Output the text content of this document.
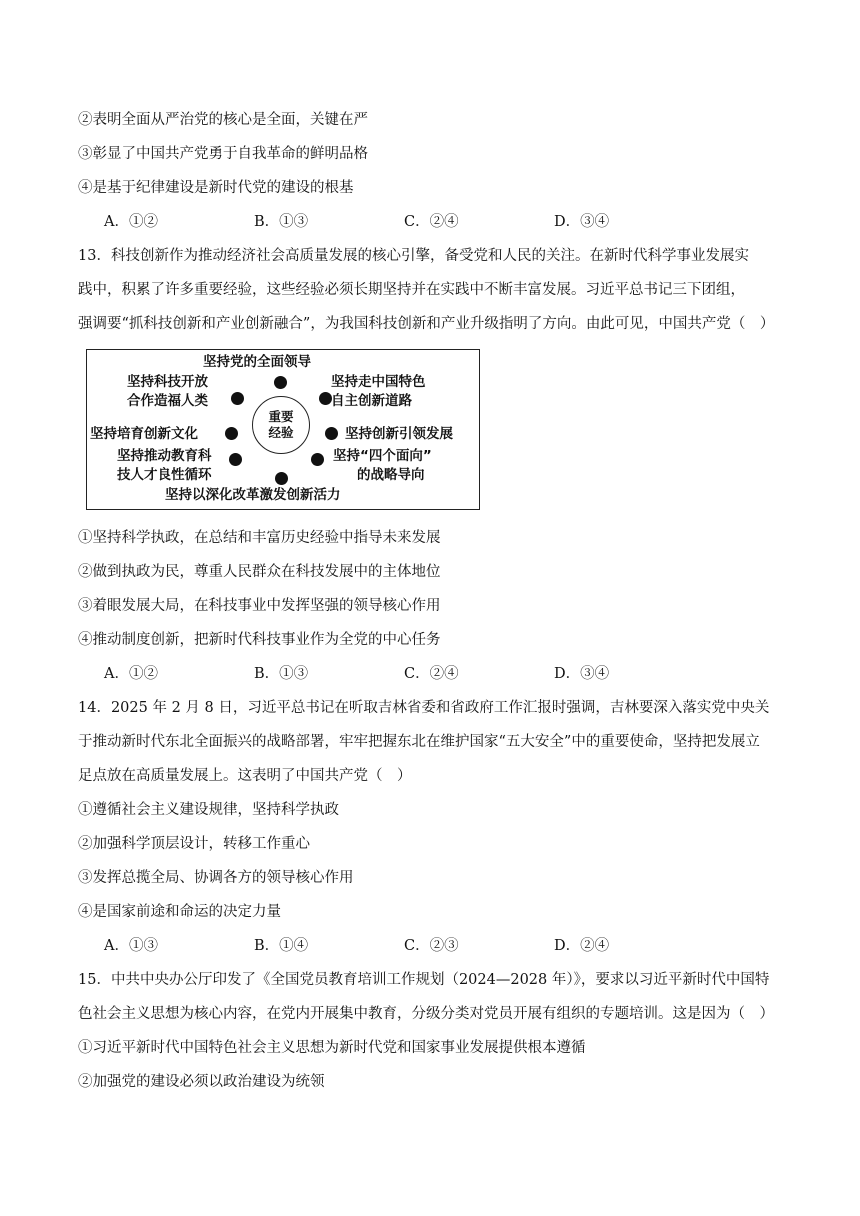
②表明全面从严治党的核心是全面，关键在严
③彰显了中国共产党勇于自我革命的鲜明品格
④是基于纪律建设是新时代党的建设的根基
A．①②	B．①③	C．②④	D．③④
13．科技创新作为推动经济社会高质量发展的核心引擎，备受党和人民的关注。在新时代科学事业发展实
践中，积累了许多重要经验，这些经验必须长期坚持并在实践中不断丰富发展。习近平总书记三下团组，
强调要“抓科技创新和产业创新融合”，为我国科技创新和产业升级指明了方向。由此可见，中国共产党（　）
重要
经验
坚持党的全面领导
坚持科技开放
合作造福人类
坚持培育创新文化
坚持推动教育科
技人才良性循环
坚持以深化改革激发创新活力
坚持走中国特色
自主创新道路
坚持创新引领发展
坚持“四个面向”
的战略导向
①坚持科学执政，在总结和丰富历史经验中指导未来发展
②做到执政为民，尊重人民群众在科技发展中的主体地位
③着眼发展大局，在科技事业中发挥坚强的领导核心作用
④推动制度创新，把新时代科技事业作为全党的中心任务
A．①②	B．①③	C．②④	D．③④
14．2025 年 2 月 8 日，习近平总书记在听取吉林省委和省政府工作汇报时强调，吉林要深入落实党中央关
于推动新时代东北全面振兴的战略部署，牢牢把握东北在维护国家“五大安全”中的重要使命，坚持把发展立
足点放在高质量发展上。这表明了中国共产党（　）
①遵循社会主义建设规律，坚持科学执政
②加强科学顶层设计，转移工作重心
③发挥总揽全局、协调各方的领导核心作用
④是国家前途和命运的决定力量
A．①③	B．①④	C．②③	D．②④
15．中共中央办公厅印发了《全国党员教育培训工作规划（2024—2028 年）》，要求以习近平新时代中国特
色社会主义思想为核心内容，在党内开展集中教育，分级分类对党员开展有组织的专题培训。这是因为（　）
①习近平新时代中国特色社会主义思想为新时代党和国家事业发展提供根本遵循
②加强党的建设必须以政治建设为统领
